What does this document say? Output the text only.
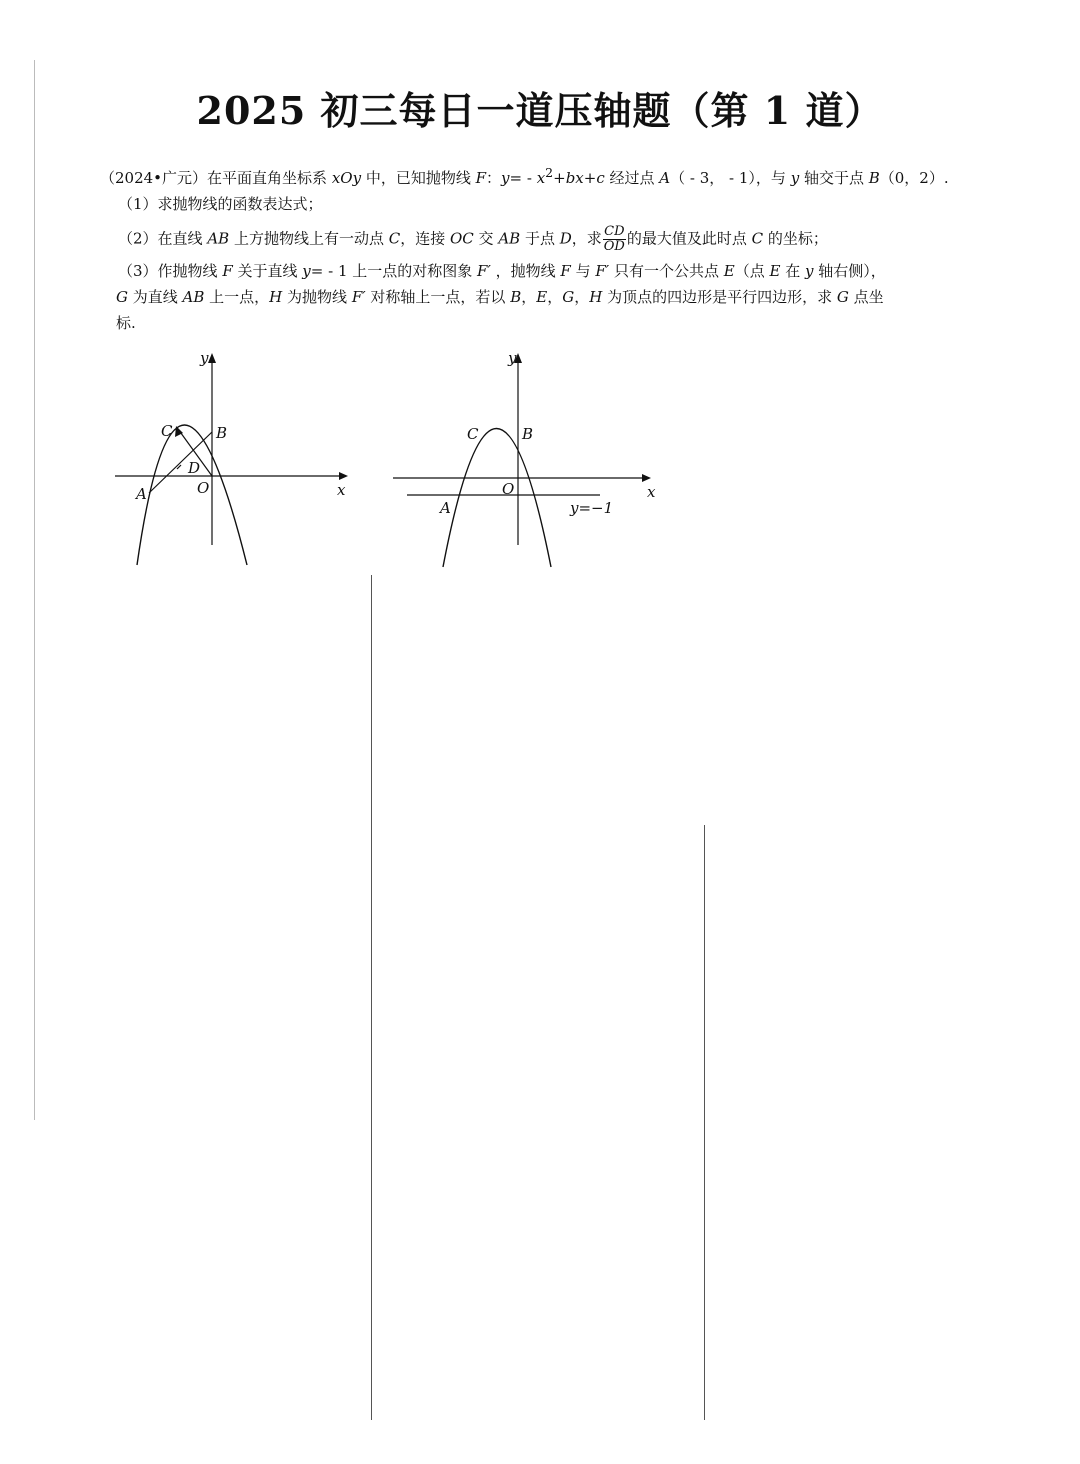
2025 初三每日一道压轴题（第 1 道）

（2024•广元）在平面直角坐标系 xOy 中，已知抛物线 F：$y= - x^2+bx+c$ 经过点 A（ - 3， - 1），与 y 轴交于点 B（0，2）.

（1）求抛物线的函数表达式；

（2）在直线 AB 上方抛物线上有一动点 C，连接 OC 交 AB 于点 D，求 $\frac{CD}{OD}$ 的最大值及此时点 C 的坐标；

（3）作抛物线 F 关于直线 y= - 1 上一点的对称图象 F′ ，抛物线 F 与 F′ 只有一个公共点 E（点 E 在 y 轴右侧），

G 为直线 AB 上一点，H 为抛物线 F′ 对称轴上一点，若以 B，E，G，H 为顶点的四边形是平行四边形，求 G 点坐

标.

y
x
O
A
B
C
D
y
x
O
A
B
C
y=−1
